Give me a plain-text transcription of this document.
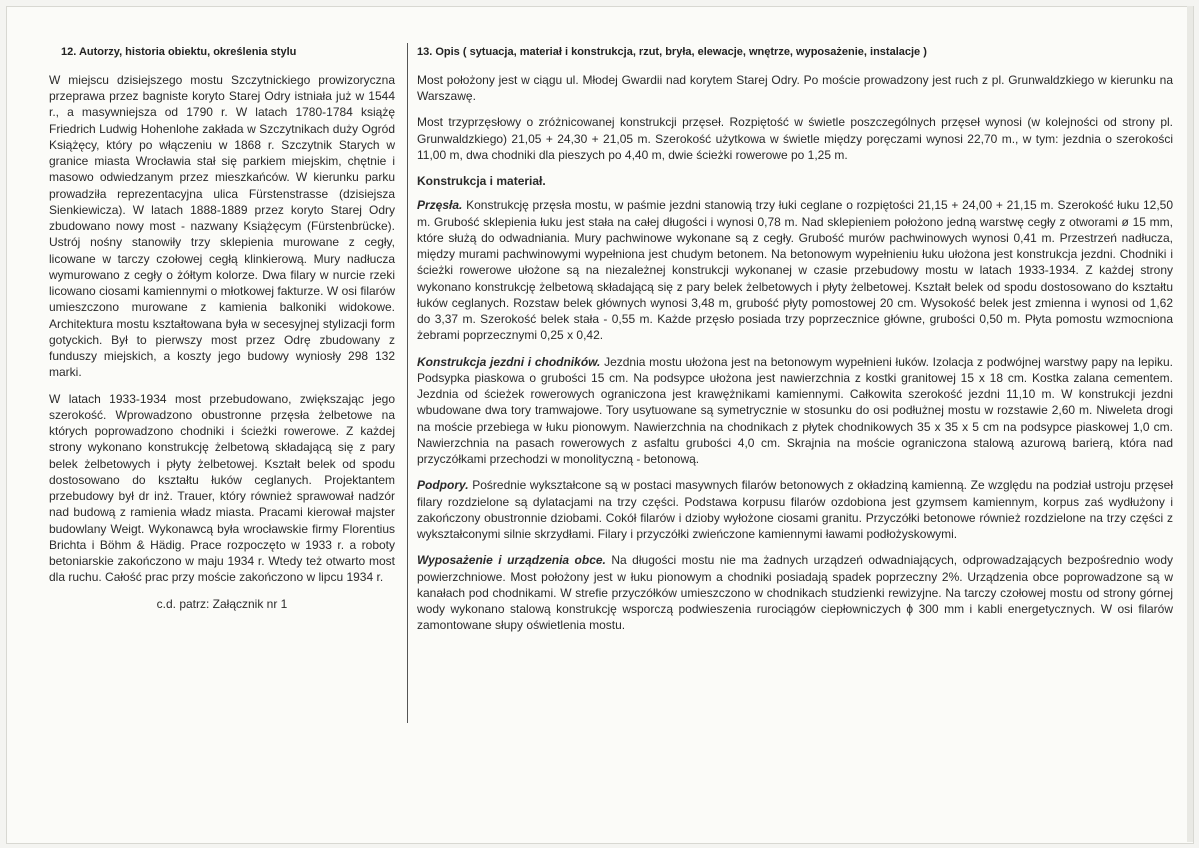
12. Autorzy, historia obiektu, określenia stylu

W miejscu dzisiejszego mostu Szczytnickiego prowizoryczna przeprawa przez bagniste koryto Starej Odry istniała już w 1544 r., a masywniejsza od 1790 r. W latach 1780-1784 książę Friedrich Ludwig Hohenlohe zakłada w Szczytnikach duży Ogród Książęcy, który po włączeniu w 1868 r. Szczytnik Starych w granice miasta Wrocławia stał się parkiem miejskim, chętnie i masowo odwiedzanym przez mieszkańców. W kierunku parku prowadziła reprezentacyjna ulica Fürstenstrasse (dzisiejsza Sienkiewicza). W latach 1888-1889 przez koryto Starej Odry zbudowano nowy most - nazwany Książęcym (Fürstenbrücke). Ustrój nośny stanowiły trzy sklepienia murowane z cegły, licowane w tarczy czołowej cegłą klinkierową. Mury nadłucza wymurowano z cegły o żółtym kolorze. Dwa filary w nurcie rzeki licowano ciosami kamiennymi o młotkowej fakturze. W osi filarów umieszczono murowane z kamienia balkoniki widokowe. Architektura mostu kształtowana była w secesyjnej stylizacji form gotyckich. Był to pierwszy most przez Odrę zbudowany z funduszy miejskich, a koszty jego budowy wyniosły 298 132 marki.

W latach 1933-1934 most przebudowano, zwiększając jego szerokość. Wprowadzono obustronne przęsła żelbetowe na których poprowadzono chodniki i ścieżki rowerowe. Z każdej strony wykonano konstrukcję żelbetową składającą się z pary belek żelbetowych i płyty żelbetowej. Kształt belek od spodu dostosowano do kształtu łuków ceglanych. Projektantem przebudowy był dr inż. Trauer, który również sprawował nadzór nad budową z ramienia władz miasta. Pracami kierował majster budowlany Weigt. Wykonawcą była wrocławskie firmy Florentius Brichta i Böhm & Hädig. Prace rozpoczęto w 1933 r. a roboty betoniarskie zakończono w maju 1934 r. Wtedy też otwarto most dla ruchu. Całość prac przy moście zakończono w lipcu 1934 r.

c.d. patrz: Załącznik nr 1
13. Opis ( sytuacja, materiał i konstrukcja, rzut, bryła, elewacje, wnętrze, wyposażenie, instalacje )

Most położony jest w ciągu ul. Młodej Gwardii nad korytem Starej Odry. Po moście prowadzony jest ruch z pl. Grunwaldzkiego w kierunku na Warszawę.

Most trzyprzęsłowy o zróżnicowanej konstrukcji przęseł. Rozpiętość w świetle poszczególnych przęseł wynosi (w kolejności od strony pl. Grunwaldzkiego) 21,05 + 24,30 + 21,05 m. Szerokość użytkowa w świetle między poręczami wynosi 22,70 m., w tym: jezdnia o szerokości 11,00 m, dwa chodniki dla pieszych po 4,40 m, dwie ścieżki rowerowe po 1,25 m.

Konstrukcja i materiał.

Przęsła. Konstrukcję przęsła mostu, w paśmie jezdni stanowią trzy łuki ceglane o rozpiętości 21,15 + 24,00 + 21,15 m. Szerokość łuku 12,50 m. Grubość sklepienia łuku jest stała na całej długości i wynosi 0,78 m. Nad sklepieniem położono jedną warstwę cegły z otworami ø 15 mm, które służą do odwadniania. Mury pachwinowe wykonane są z cegły. Grubość murów pachwinowych wynosi 0,41 m. Przestrzeń nadłucza, między murami pachwinowymi wypełniona jest chudym betonem. Na betonowym wypełnieniu łuku ułożona jest konstrukcja jezdni. Chodniki i ścieżki rowerowe ułożone są na niezależnej konstrukcji wykonanej w czasie przebudowy mostu w latach 1933-1934. Z każdej strony wykonano konstrukcję żelbetową składającą się z pary belek żelbetowych i płyty żelbetowej. Kształt belek od spodu dostosowano do kształtu łuków ceglanych. Rozstaw belek głównych wynosi 3,48 m, grubość płyty pomostowej 20 cm. Wysokość belek jest zmienna i wynosi od 1,62 do 3,37 m. Szerokość belek stała - 0,55 m. Każde przęsło posiada trzy poprzecznice główne, grubości 0,50 m. Płyta pomostu wzmocniona żebrami poprzecznymi 0,25 x 0,42.

Konstrukcja jezdni i chodników. Jezdnia mostu ułożona jest na betonowym wypełnieni łuków. Izolacja z podwójnej warstwy papy na lepiku. Podsypka piaskowa o grubości 15 cm. Na podsypce ułożona jest nawierzchnia z kostki granitowej 15 x 18 cm. Kostka zalana cementem. Jezdnia od ścieżek rowerowych ograniczona jest krawężnikami kamiennymi. Całkowita szerokość jezdni 11,10 m. W konstrukcji jezdni wbudowane dwa tory tramwajowe. Tory usytuowane są symetrycznie w stosunku do osi podłużnej mostu w rozstawie 2,60 m. Niweleta drogi na moście przebiega w łuku pionowym. Nawierzchnia na chodnikach z płytek chodnikowych 35 x 35 x 5 cm na podsypce piaskowej 1,0 cm. Nawierzchnia na pasach rowerowych z asfaltu grubości 4,0 cm. Skrajnia na moście ograniczona stalową azurową barierą, która nad przyczółkami przechodzi w monolityczną - betonową.

Podpory. Pośrednie wykształcone są w postaci masywnych filarów betonowych z okładziną kamienną. Ze względu na podział ustroju przęseł filary rozdzielone są dylatacjami na trzy części. Podstawa korpusu filarów ozdobiona jest gzymsem kamiennym, korpus zaś wydłużony i zakończony obustronnie dziobami. Cokół filarów i dzioby wyłożone ciosami granitu. Przyczółki betonowe również rozdzielone na trzy części z wykształconymi silnie skrzydłami. Filary i przyczółki zwieńczone kamiennymi ławami podłożyskowymi.

Wyposażenie i urządzenia obce. Na długości mostu nie ma żadnych urządzeń odwadniających, odprowadzających bezpośrednio wody powierzchniowe. Most położony jest w łuku pionowym a chodniki posiadają spadek poprzeczny 2%. Urządzenia obce poprowadzone są w kanałach pod chodnikami. W strefie przyczółków umieszczono w chodnikach studzienki rewizyjne. Na tarczy czołowej mostu od strony górnej wody wykonano stalową konstrukcję wsporczą podwieszenia rurociągów ciepłowniczych ϕ 300 mm i kabli energetycznych. W osi filarów zamontowane słupy oświetlenia mostu.
